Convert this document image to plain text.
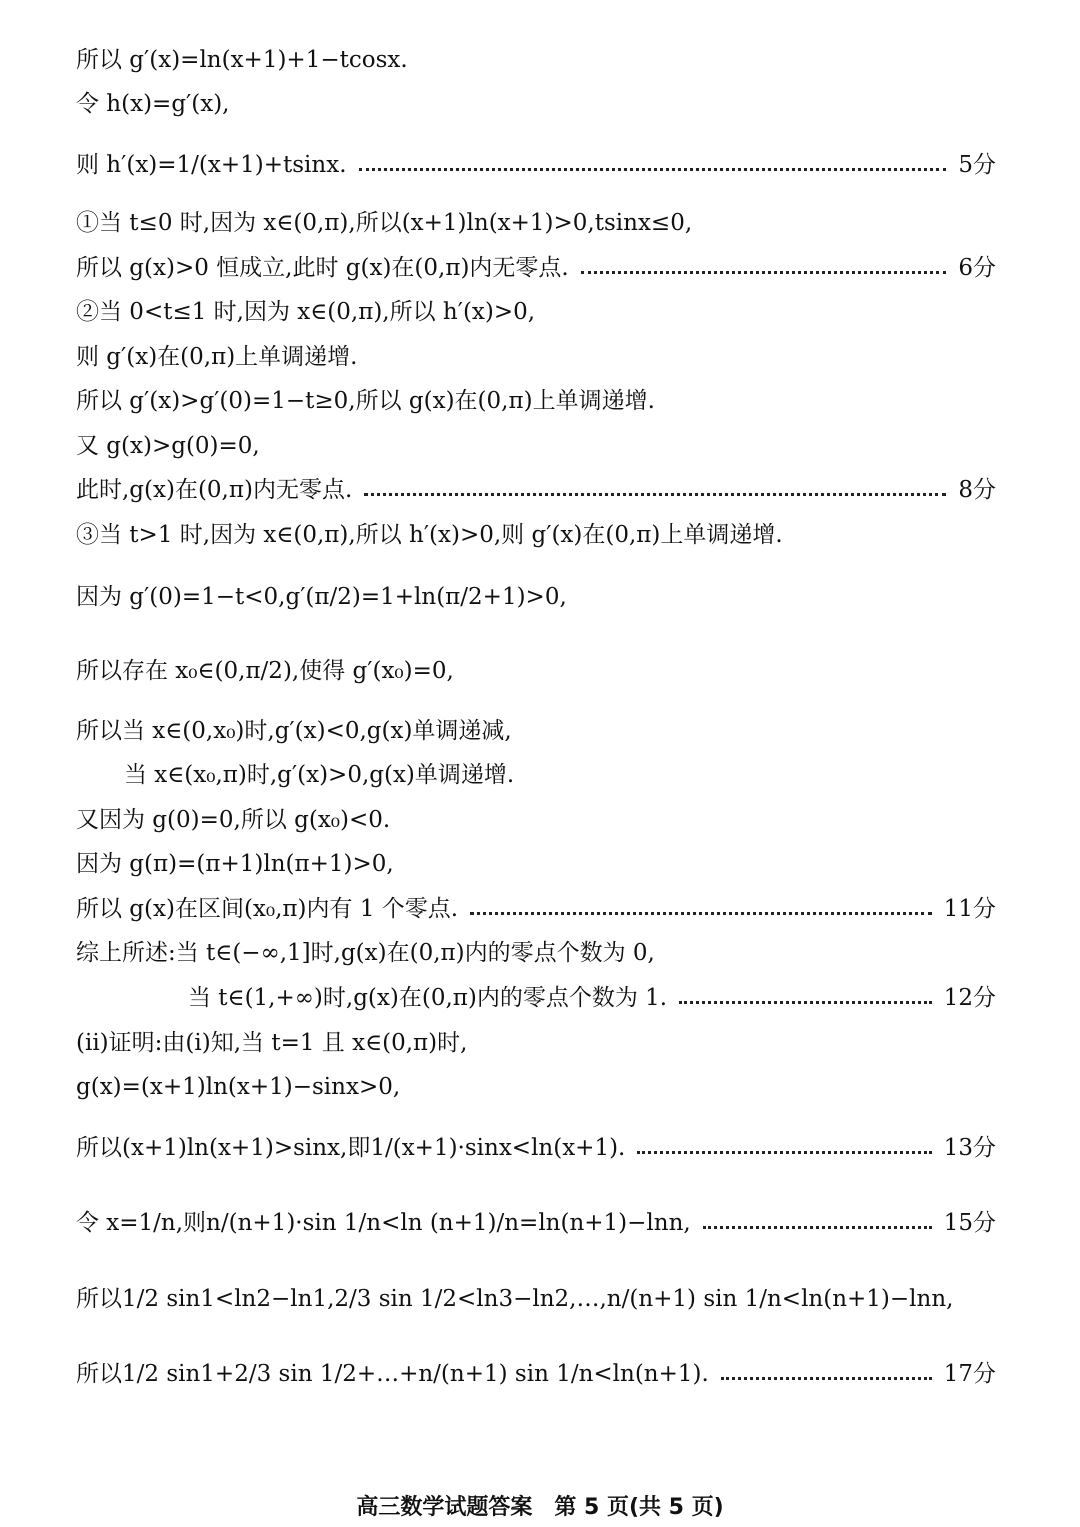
所以 g′(x)=ln(x+1)+1−tcosx.
令 h(x)=g′(x),
则 h′(x)=1/(x+1)+tsinx.	5分
①当 t≤0 时,因为 x∈(0,π),所以(x+1)ln(x+1)>0,tsinx≤0,
所以 g(x)>0 恒成立,此时 g(x)在(0,π)内无零点.	6分
②当 0<t≤1 时,因为 x∈(0,π),所以 h′(x)>0,
则 g′(x)在(0,π)上单调递增.
所以 g′(x)>g′(0)=1−t≥0,所以 g(x)在(0,π)上单调递增.
又 g(x)>g(0)=0,
此时,g(x)在(0,π)内无零点.	8分
③当 t>1 时,因为 x∈(0,π),所以 h′(x)>0,则 g′(x)在(0,π)上单调递增.
因为 g′(0)=1−t<0,g′(π/2)=1+ln(π/2+1)>0,
所以存在 x₀∈(0,π/2),使得 g′(x₀)=0,
所以当 x∈(0,x₀)时,g′(x)<0,g(x)单调递减,
当 x∈(x₀,π)时,g′(x)>0,g(x)单调递增.
又因为 g(0)=0,所以 g(x₀)<0.
因为 g(π)=(π+1)ln(π+1)>0,
所以 g(x)在区间(x₀,π)内有 1 个零点.	11分
综上所述:当 t∈(−∞,1]时,g(x)在(0,π)内的零点个数为 0,
当 t∈(1,+∞)时,g(x)在(0,π)内的零点个数为 1.	12分
(ii)证明:由(i)知,当 t=1 且 x∈(0,π)时,
g(x)=(x+1)ln(x+1)−sinx>0,
所以(x+1)ln(x+1)>sinx,即1/(x+1)·sinx<ln(x+1).	13分
令 x=1/n,则n/(n+1)·sin 1/n<ln (n+1)/n=ln(n+1)−lnn,	15分
所以1/2 sin1<ln2−ln1,2/3 sin 1/2<ln3−ln2,…,n/(n+1) sin 1/n<ln(n+1)−lnn,
所以1/2 sin1+2/3 sin 1/2+…+n/(n+1) sin 1/n<ln(n+1).	17分
高三数学试题答案　第 5 页(共 5 页)
